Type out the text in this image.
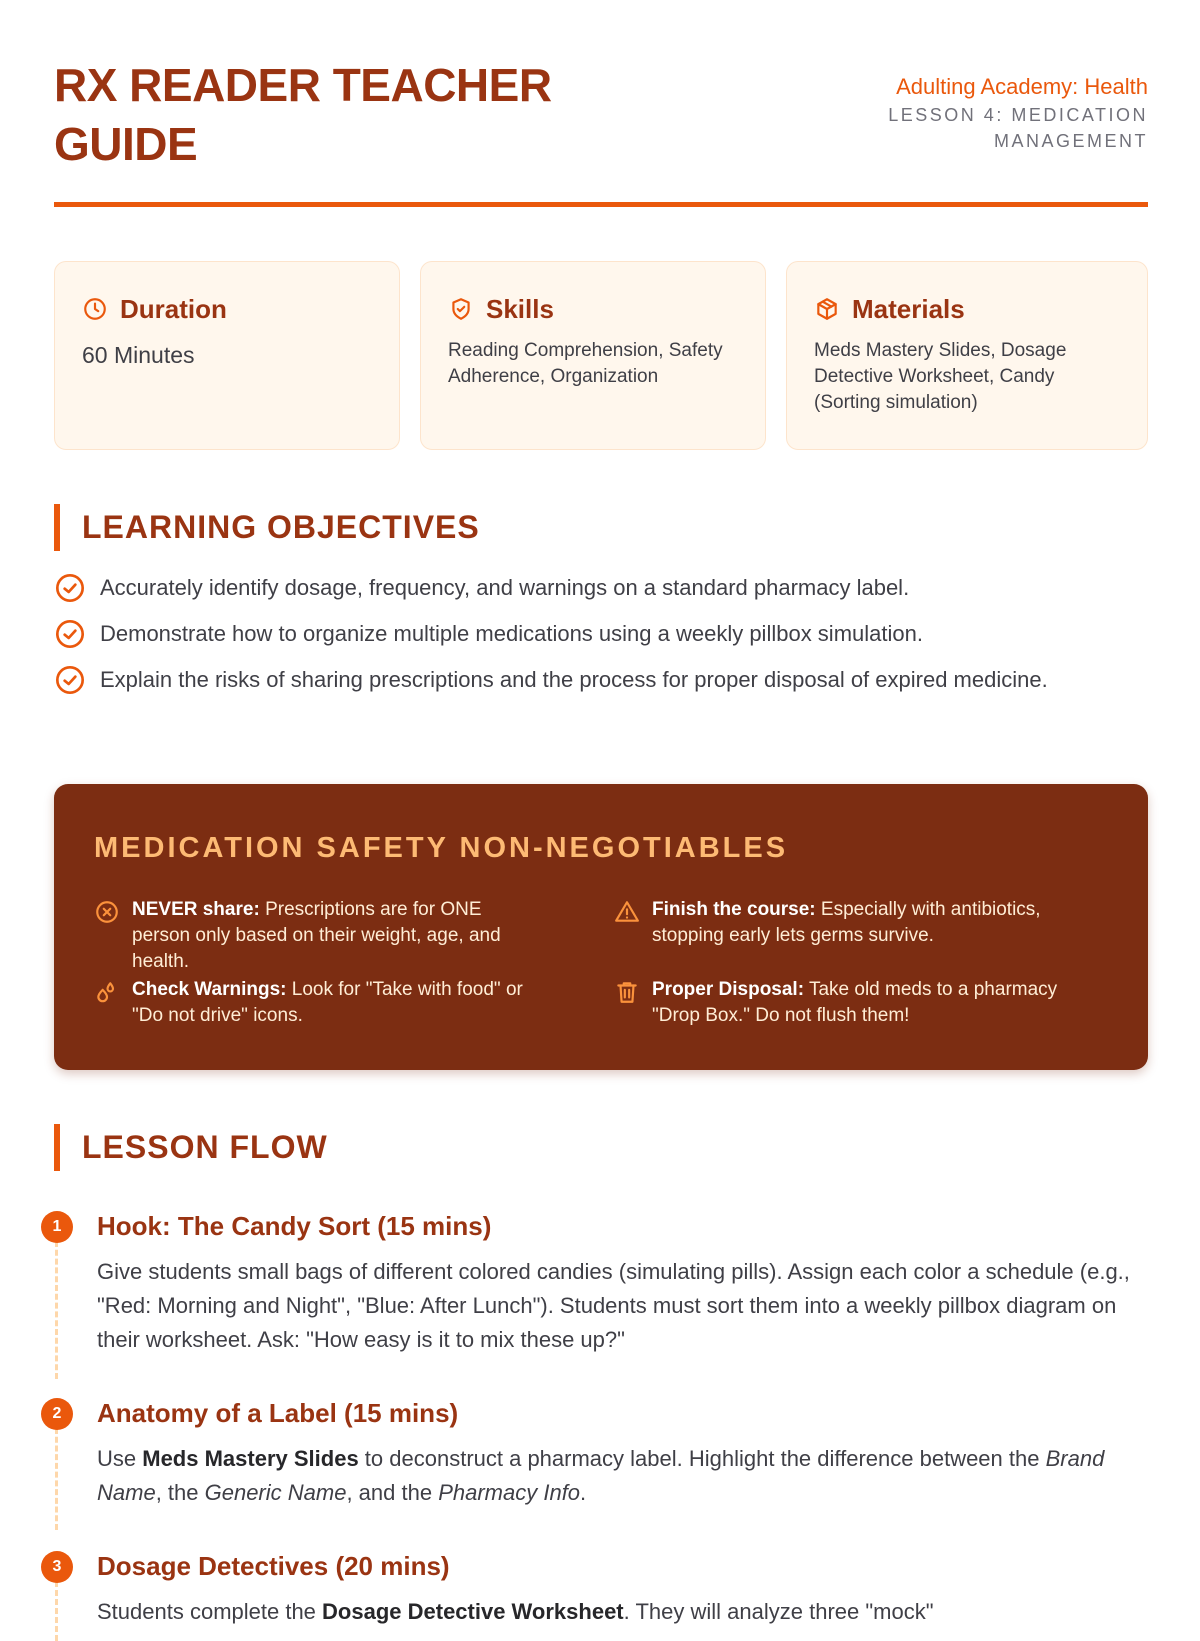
RX READER TEACHER GUIDE
Adulting Academy: Health
LESSON 4: MEDICATION MANAGEMENT
Duration
60 Minutes
Skills
Reading Comprehension, Safety Adherence, Organization
Materials
Meds Mastery Slides, Dosage Detective Worksheet, Candy (Sorting simulation)
LEARNING OBJECTIVES
Accurately identify dosage, frequency, and warnings on a standard pharmacy label.
Demonstrate how to organize multiple medications using a weekly pillbox simulation.
Explain the risks of sharing prescriptions and the process for proper disposal of expired medicine.
MEDICATION SAFETY NON-NEGOTIABLES
NEVER share: Prescriptions are for ONE person only based on their weight, age, and health.
Finish the course: Especially with antibiotics, stopping early lets germs survive.
Check Warnings: Look for "Take with food" or "Do not drive" icons.
Proper Disposal: Take old meds to a pharmacy "Drop Box." Do not flush them!
LESSON FLOW
1	Hook: The Candy Sort (15 mins)
Give students small bags of different colored candies (simulating pills). Assign each color a schedule (e.g., "Red: Morning and Night", "Blue: After Lunch"). Students must sort them into a weekly pillbox diagram on their worksheet. Ask: "How easy is it to mix these up?"
2	Anatomy of a Label (15 mins)
Use Meds Mastery Slides to deconstruct a pharmacy label. Highlight the difference between the Brand Name, the Generic Name, and the Pharmacy Info.
3	Dosage Detectives (20 mins)
Students complete the Dosage Detective Worksheet. They will analyze three "mock"
